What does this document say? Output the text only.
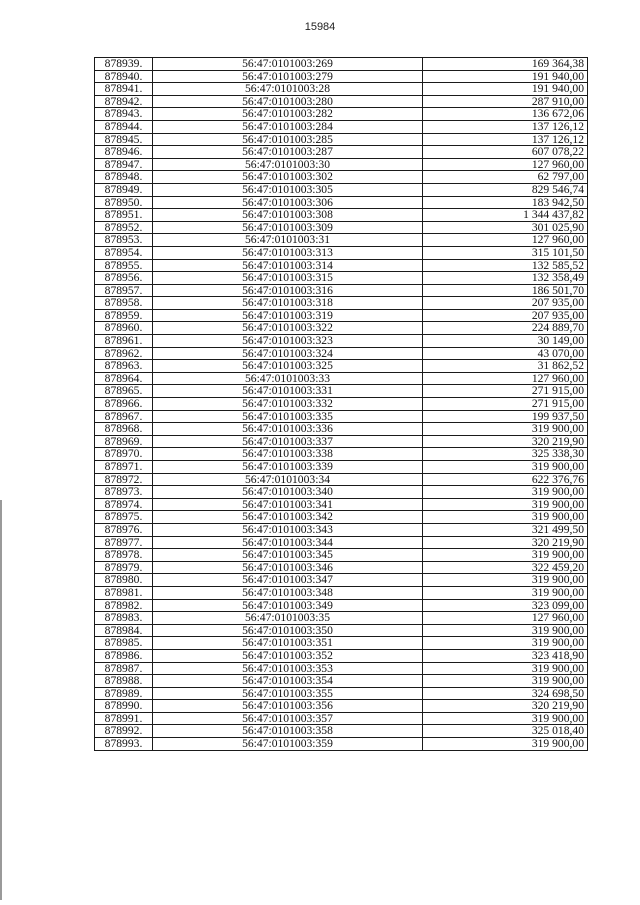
15984
878939.	56:47:0101003:269	169 364,38
878940.	56:47:0101003:279	191 940,00
878941.	56:47:0101003:28	191 940,00
878942.	56:47:0101003:280	287 910,00
878943.	56:47:0101003:282	136 672,06
878944.	56:47:0101003:284	137 126,12
878945.	56:47:0101003:285	137 126,12
878946.	56:47:0101003:287	607 078,22
878947.	56:47:0101003:30	127 960,00
878948.	56:47:0101003:302	62 797,00
878949.	56:47:0101003:305	829 546,74
878950.	56:47:0101003:306	183 942,50
878951.	56:47:0101003:308	1 344 437,82
878952.	56:47:0101003:309	301 025,90
878953.	56:47:0101003:31	127 960,00
878954.	56:47:0101003:313	315 101,50
878955.	56:47:0101003:314	132 585,52
878956.	56:47:0101003:315	132 358,49
878957.	56:47:0101003:316	186 501,70
878958.	56:47:0101003:318	207 935,00
878959.	56:47:0101003:319	207 935,00
878960.	56:47:0101003:322	224 889,70
878961.	56:47:0101003:323	30 149,00
878962.	56:47:0101003:324	43 070,00
878963.	56:47:0101003:325	31 862,52
878964.	56:47:0101003:33	127 960,00
878965.	56:47:0101003:331	271 915,00
878966.	56:47:0101003:332	271 915,00
878967.	56:47:0101003:335	199 937,50
878968.	56:47:0101003:336	319 900,00
878969.	56:47:0101003:337	320 219,90
878970.	56:47:0101003:338	325 338,30
878971.	56:47:0101003:339	319 900,00
878972.	56:47:0101003:34	622 376,76
878973.	56:47:0101003:340	319 900,00
878974.	56:47:0101003:341	319 900,00
878975.	56:47:0101003:342	319 900,00
878976.	56:47:0101003:343	321 499,50
878977.	56:47:0101003:344	320 219,90
878978.	56:47:0101003:345	319 900,00
878979.	56:47:0101003:346	322 459,20
878980.	56:47:0101003:347	319 900,00
878981.	56:47:0101003:348	319 900,00
878982.	56:47:0101003:349	323 099,00
878983.	56:47:0101003:35	127 960,00
878984.	56:47:0101003:350	319 900,00
878985.	56:47:0101003:351	319 900,00
878986.	56:47:0101003:352	323 418,90
878987.	56:47:0101003:353	319 900,00
878988.	56:47:0101003:354	319 900,00
878989.	56:47:0101003:355	324 698,50
878990.	56:47:0101003:356	320 219,90
878991.	56:47:0101003:357	319 900,00
878992.	56:47:0101003:358	325 018,40
878993.	56:47:0101003:359	319 900,00
